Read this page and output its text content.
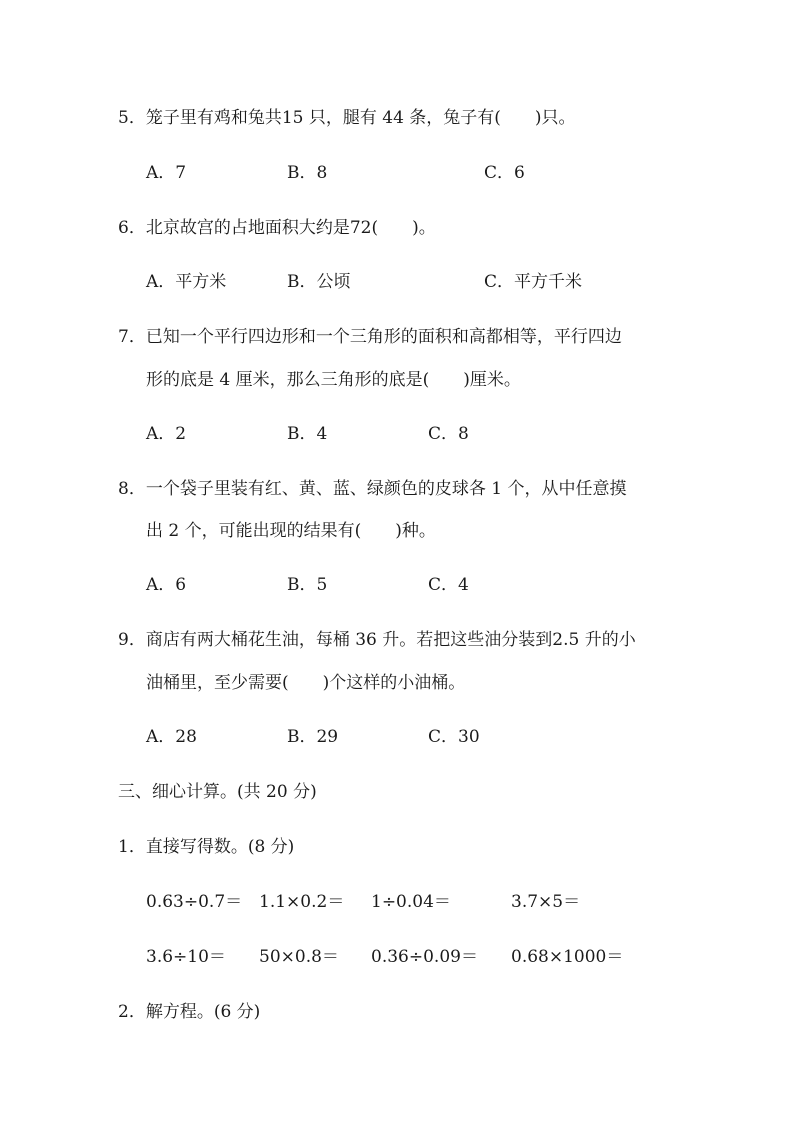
5．笼子里有鸡和兔共15 只，腿有 44 条，兔子有(　　)只。
A．7	B．8	C．6
6．北京故宫的占地面积大约是72(　　)。
A．平方米	B．公顷	C．平方千米
7．已知一个平行四边形和一个三角形的面积和高都相等，平行四边
形的底是 4 厘米，那么三角形的底是(　　)厘米。
A．2	B．4	C．8
8．一个袋子里装有红、黄、蓝、绿颜色的皮球各 1 个，从中任意摸
出 2 个，可能出现的结果有(　　)种。
A．6	B．5	C．4
9．商店有两大桶花生油，每桶 36 升。若把这些油分装到2.5 升的小
油桶里，至少需要(　　)个这样的小油桶。
A．28	B．29	C．30
三、细心计算。(共 20 分)
1．直接写得数。(8 分)
0.63÷0.7＝ 1.1×0.2＝ 1÷0.04＝	3.7×5＝
3.6÷10＝ 50×0.8＝ 0.36÷0.09＝ 0.68×1000＝
2．解方程。(6 分)
